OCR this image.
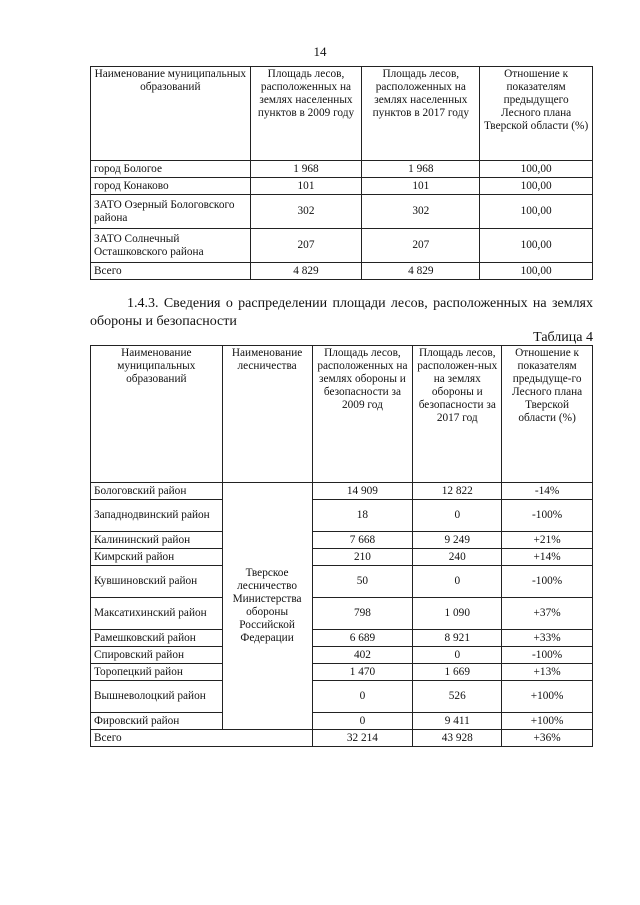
14
Наименование муниципальных образований	Площадь лесов, расположенных на землях населенных пунктов в 2009 году	Площадь лесов, расположенных на землях населенных пунктов в 2017 году	Отношение к показателям предыдущего Лесного плана Тверской области (%)
город Бологое	1 968	1 968	100,00
город Конаково	101	101	100,00
ЗАТО Озерный Бологовского района	302	302	100,00
ЗАТО Солнечный Осташковского района	207	207	100,00
Всего	4 829	4 829	100,00
1.4.3. Сведения о распределении площади лесов, расположенных на землях обороны и безопасности
Таблица 4
Наименование муниципальных образований	Наименование лесничества	Площадь лесов, расположенных на землях обороны и безопасности за 2009 год	Площадь лесов, расположен-ных на землях обороны и безопасности за 2017 год	Отношение к показателям предыдуще-го Лесного плана Тверской области (%)
Бологовский район	Тверское лесничество Министерства обороны Российской Федерации	14 909	12 822	-14%
Западнодвинский район		18	0	-100%
Калининский район		7 668	9 249	+21%
Кимрский район		210	240	+14%
Кувшиновский район		50	0	-100%
Максатихинский район		798	1 090	+37%
Рамешковский район		6 689	8 921	+33%
Спировский район		402	0	-100%
Торопецкий район		1 470	1 669	+13%
Вышневолоцкий район		0	526	+100%
Фировский район		0	9 411	+100%
Всего		32 214	43 928	+36%
